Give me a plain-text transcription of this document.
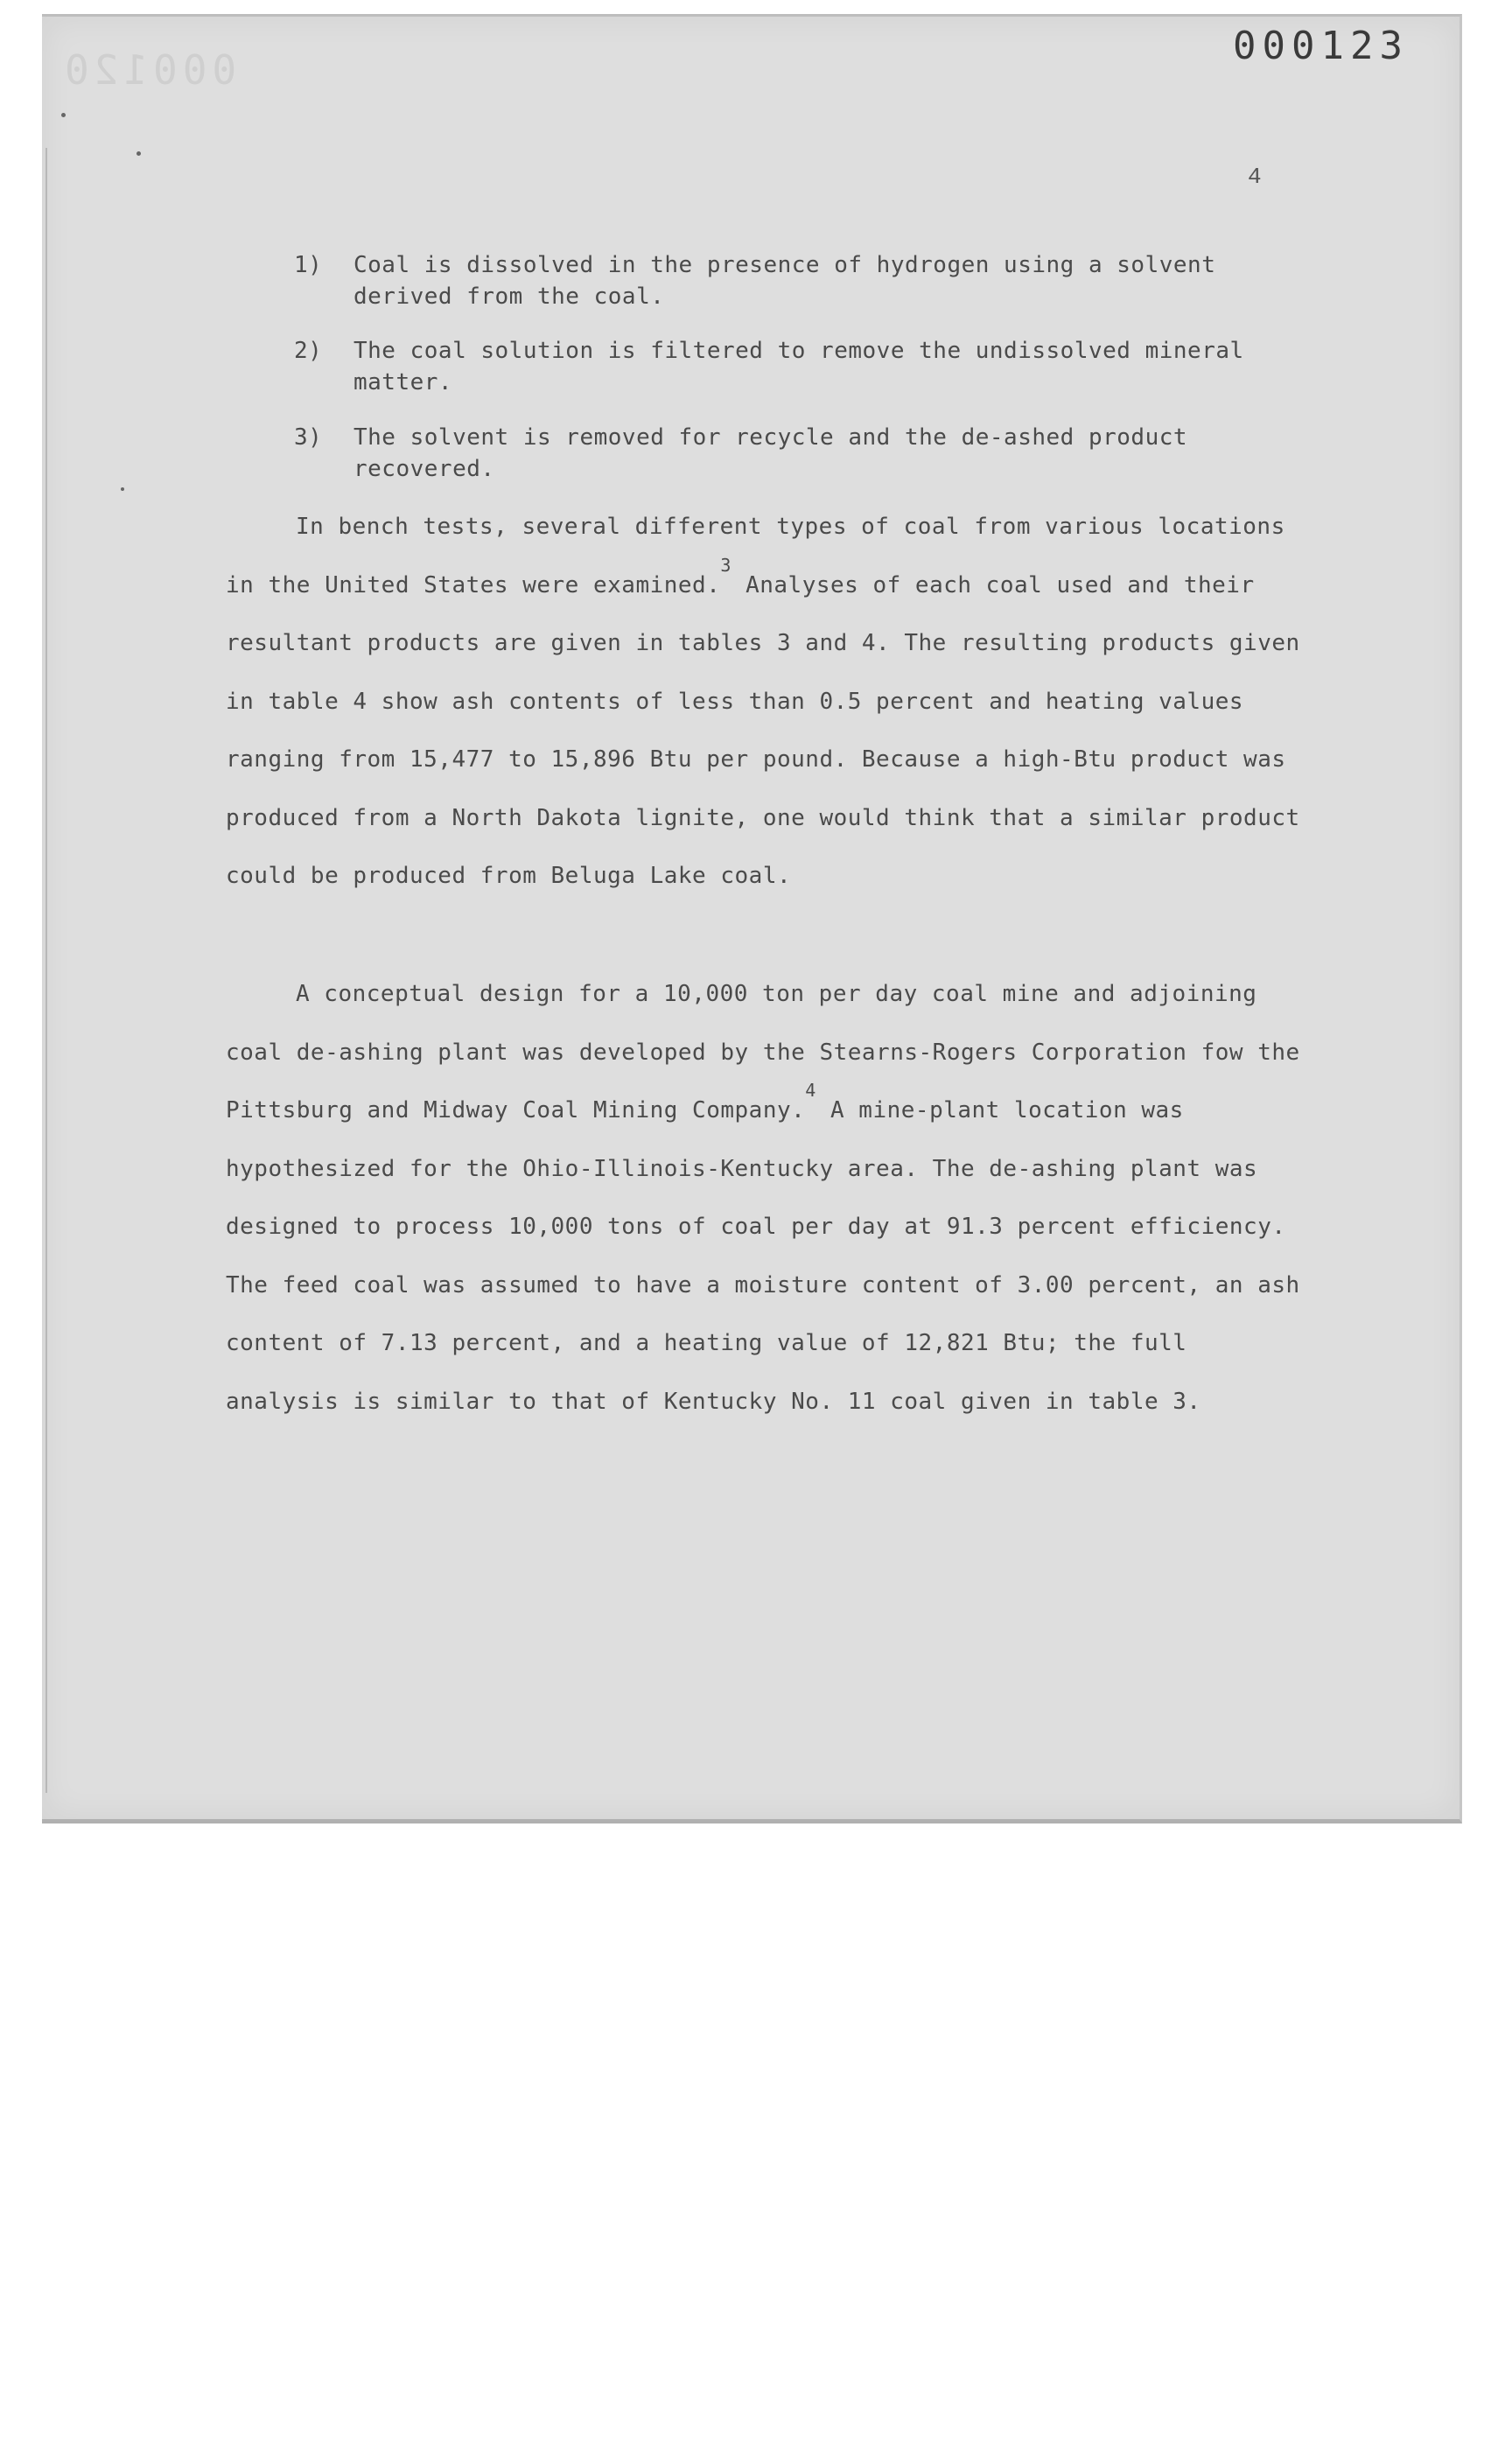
000120
000123
4
1) Coal is dissolved in the presence of hydrogen using a solvent derived from the coal.
2) The coal solution is filtered to remove the undissolved mineral matter.
3) The solvent is removed for recycle and the de-ashed product recovered.
In bench tests, several different types of coal from various locations in the United States were examined.$^3$ Analyses of each coal used and their resultant products are given in tables 3 and 4. The resulting products given in table 4 show ash contents of less than 0.5 percent and heating values ranging from 15,477 to 15,896 Btu per pound. Because a high-Btu product was produced from a North Dakota lignite, one would think that a similar product could be produced from Beluga Lake coal.
A conceptual design for a 10,000 ton per day coal mine and adjoining coal de-ashing plant was developed by the Stearns-Rogers Corporation fow the Pittsburg and Midway Coal Mining Company.$^4$ A mine-plant location was hypothesized for the Ohio-Illinois-Kentucky area. The de-ashing plant was designed to process 10,000 tons of coal per day at 91.3 percent efficiency. The feed coal was assumed to have a moisture content of 3.00 percent, an ash content of 7.13 percent, and a heating value of 12,821 Btu; the full analysis is similar to that of Kentucky No. 11 coal given in table 3.
